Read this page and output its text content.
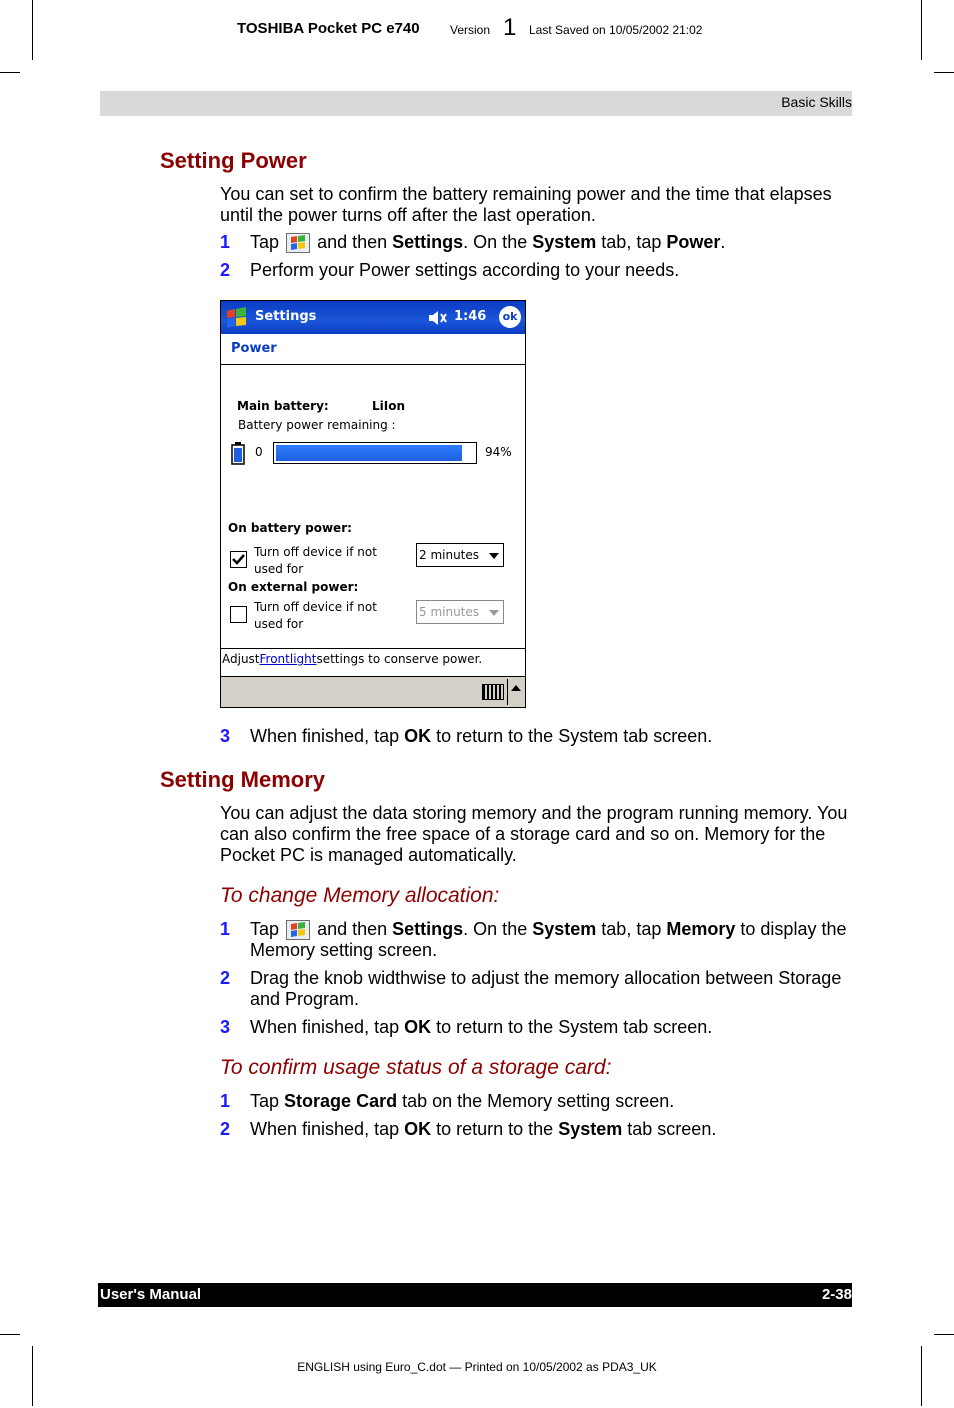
TOSHIBA Pocket PC e740	Version 1 Last Saved on 10/05/2002 21:02
Basic Skills
Setting Power

You can set to confirm the battery remaining power and the time that elapses until the power turns off after the last operation.

1 Tap and then Settings. On the System tab, tap Power.
2 Perform your Power settings according to your needs.
Settings	1:46	ok
Power
Main battery:	LiIon
Battery power remaining :
0	94%
On battery power:
Turn off device if not
used for
2 minutes
On external power:
Turn off device if not
used for
5 minutes
AdjustFrontlightsettings to conserve power.
3 When finished, tap OK to return to the System tab screen.
Setting Memory

You can adjust the data storing memory and the program running memory. You can also confirm the free space of a storage card and so on. Memory for the Pocket PC is managed automatically.

To change Memory allocation:
1 Tap and then Settings. On the System tab, tap Memory to display the Memory setting screen.
2 Drag the knob widthwise to adjust the memory allocation between Storage and Program.
3 When finished, tap OK to return to the System tab screen.
To confirm usage status of a storage card:
1 Tap Storage Card tab on the Memory setting screen.
2 When finished, tap OK to return to the System tab screen.
User's Manual	2-38
ENGLISH using Euro_C.dot — Printed on 10/05/2002 as PDA3_UK
